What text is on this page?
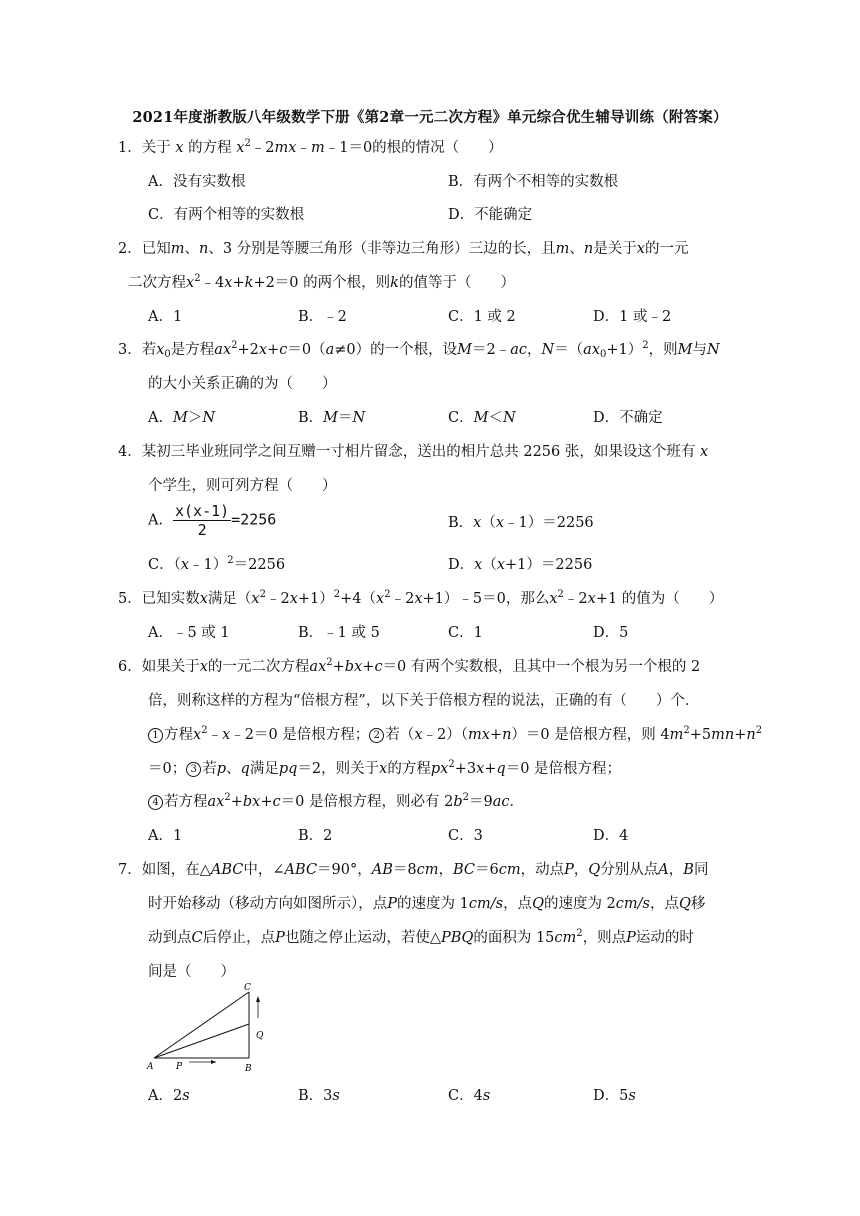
2021年度浙教版八年级数学下册《第2章一元二次方程》单元综合优生辅导训练（附答案）
1．关于 x 的方程 $x^2﹣2mx﹣m﹣1=0$的根的情况（　　）
A．没有实数根	B．有两个不相等的实数根
C．有两个相等的实数根	D．不能确定
2．已知m、n、3 分别是等腰三角形（非等边三角形）三边的长，且m、n是关于x的一元
二次方程$x^2﹣4x+k+2=0$ 的两个根，则k的值等于（　　）
A．1	B．﹣2	C．1 或 2	D．1 或﹣2
3．若$x_0$是方程$ax^2+2x+c=0(a\ne 0)$的一个根，设M＝2﹣ac，$N=(ax_0+1)^2$，则M与N
的大小关系正确的为（　　）
A．M＞N	B．M＝N	C．M＜N	D．不确定
4．某初三毕业班同学之间互赠一寸相片留念，送出的相片总共 2256 张，如果设这个班有 x
个学生，则可列方程（　　）
A． $\frac{x(x-1)}{2} =2256$	B．x（x﹣1）＝2256
C．（x﹣1）$^2$＝2256	D．x（x+1）＝2256
5．已知实数x满足$(x^2﹣2x+1)^2+4(x^2﹣2x+1)﹣5=0$，那么$x^2﹣2x+1$ 的值为（　　）
A．﹣5 或 1	B．﹣1 或 5	C．1	D．5
6．如果关于x的一元二次方程$ax^2+bx+c=0$ 有两个实数根，且其中一个根为另一个根的 2
倍，则称这样的方程为“倍根方程”，以下关于倍根方程的说法，正确的有（　　）个．
1 方程$x^2﹣x﹣2=0$ 是倍根方程； 2 若（x﹣2）（mx+n）＝0 是倍根方程，则 $4m^2+5mn+n^2$
＝0； 3 若p、q满足pq＝2，则关于x的方程$px^2+3x+q=0$ 是倍根方程；
4 若方程$ax^2+bx+c=0$ 是倍根方程，则必有 $2b^2=9ac$．
A．1	B．2	C．3	D．4
7．如图，在△ABC中，∠ABC＝90°，AB＝8cm，BC＝6cm，动点P，Q分别从点A，B同
时开始移动（移动方向如图所示），点P的速度为 1cm/s，点Q的速度为 2cm/s，点Q移
动到点C后停止，点P也随之停止运动，若使△PBQ的面积为 $15cm^2$，则点P运动的时
间是（　　）
C
Q
A	P	B
A．2s	B．3s	C．4s	D．5s
